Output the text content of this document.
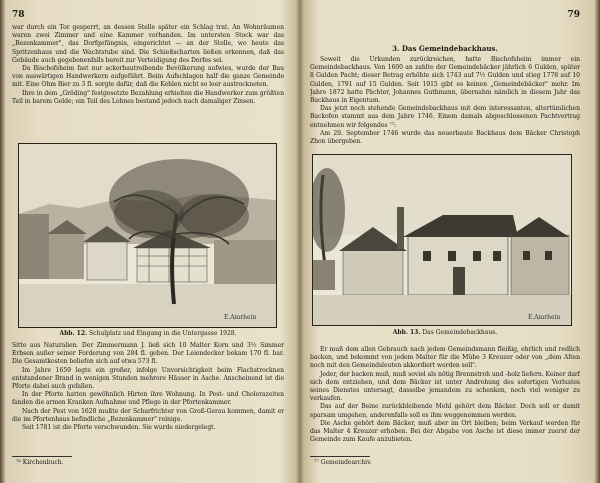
78

war durch ein Tor gesperrt, an dessen Stelle später ein Schlag trat. An Wohnräumen waren zwei Zimmer und eine Kammer vorhanden. Im untersten Stock war das „Bezenkammer", das Dorfgefängnis, eingerichtet — an der Stelle, wo heute das Spritzenhaus und die Wachtstube sind. Die Schießscharten ließen erkennen, daß das Gebäude auch gegebenenfalls bereit zur Verteidigung des Dorfes sei.

Da Bischofsheim fast nur ackerbautreibende Bevölkerung aufwies, wurde der Bau von auswärtigen Handwerkern aufgeführt. Beim Aufschlagen half die ganze Gemeinde mit. Eine Ohm Bier zu 3 fl. sorgte dafür, daß die Kehlen nicht so leer austrockneten.

Ihre in dem „Gröding" festgesetzte Bezahlung erhielten die Handwerker zum größten Teil in barem Gelde; ein Teil des Lohnes bestand jedoch nach damaliger Zinsen.

E.Amrhein
Abb. 12. Schulplatz und Eingang in die Untergasse 1928.

Sitte aus Naturalien. Der Zimmermann J. ließ sich 10 Malter Korn und 3½ Simmer Erbsen außer seiner Forderung von 284 fl. geben. Der Leiendecker bekam 170 fl. bar. Die Gesamtkosten beliefen sich auf etwa 573 fl.

Im Jahre 1659 legte ein großer, infolge Unvorsichtigkeit beim Flachstrocknen entstandener Brand in wenigen Stunden mehrere Häuser in Asche. Anscheinend ist die Pforte dabei auch gefallen.

In der Pforte hatten gewöhnlich Hirten ihre Wohnung. In Pest- und Cholerazeiten fanden die armen Kranken Aufnahme und Pflege in der Pfortenkammer.

Nach der Pest von 1628 mußte der Scharfrichter von Groß-Gerau kommen, damit er die im Pfortenhaus befindliche „Bezenkammer" reinige.

Seit 1781 ist die Pforte verschwunden. Sie wurde niedergelegt.

⁷⁶ Kirchenbuch.
79
3. Das Gemeindebackhaus.

Soweit die Urkunden zurückreichen, hatte Bischofsheim immer ein Gemeindebackhaus. Von 1600 an zahlte der Gemeindebäcker jährlich 6 Gulden, später 8 Gulden Pacht; dieser Betrag erhöhte sich 1743 auf 7½ Gulden und stieg 1778 auf 10 Gulden, 1791 auf 15 Gulden. Seit 1915 gibt es keinen „Gemeindebäcker" mehr. Im Jahre 1872 hatte Pächter, Johannes Guthmann, übernahm nämlich in diesem Jahr das Backhaus in Eigentum.

Das jetzt noch stehende Gemeindebackhaus mit dem interessanten, altertümlichen Backofen stammt aus dem Jahre 1746. Einem damals abgeschlossenen Pachtvertrag entnehmen wir folgendes ⁷⁷:

Am 29. September 1746 wurde das neuerbaute Backhaus dem Bäcker Christoph Zhon übergeben.

E.Amrhein
Abb. 13. Das Gemeindebackhaus.

Er muß dem allen Gebrauch nach jedem Gemeindsmann fleißig, ehrlich und redlich backen, und bekommt von jedem Malter für die Mühe 3 Kreuzer oder von „dem Alten noch mit den Gemeindsleuten akkordiert werden soll".

Jeder, der backen muß, muß soviel als nötig Brennstroh und -holz liefern. Keiner darf sich dem entziehen, und dem Bäcker ist unter Androhung des sofortigen Verlustes seines Dienstes untersagt, dasselbe jemandem zu schenken, noch viel weniger zu verkaufen.

Das auf der Beine zurückbleibende Mehl gehört dem Bäcker. Doch soll er damit sparsam umgehen, anderenfalls soll es ihm weggenommen werden.

Die Asche gehört dem Bäcker, muß aber im Ort bleiben; beim Verkauf werden für das Malter 4 Kreuzer erhoben. Bei der Abgabe von Asche ist diese immer zuerst der Gemeinde zum Kaufe anzubieten.

⁷⁷ Gemeindearchiv.
